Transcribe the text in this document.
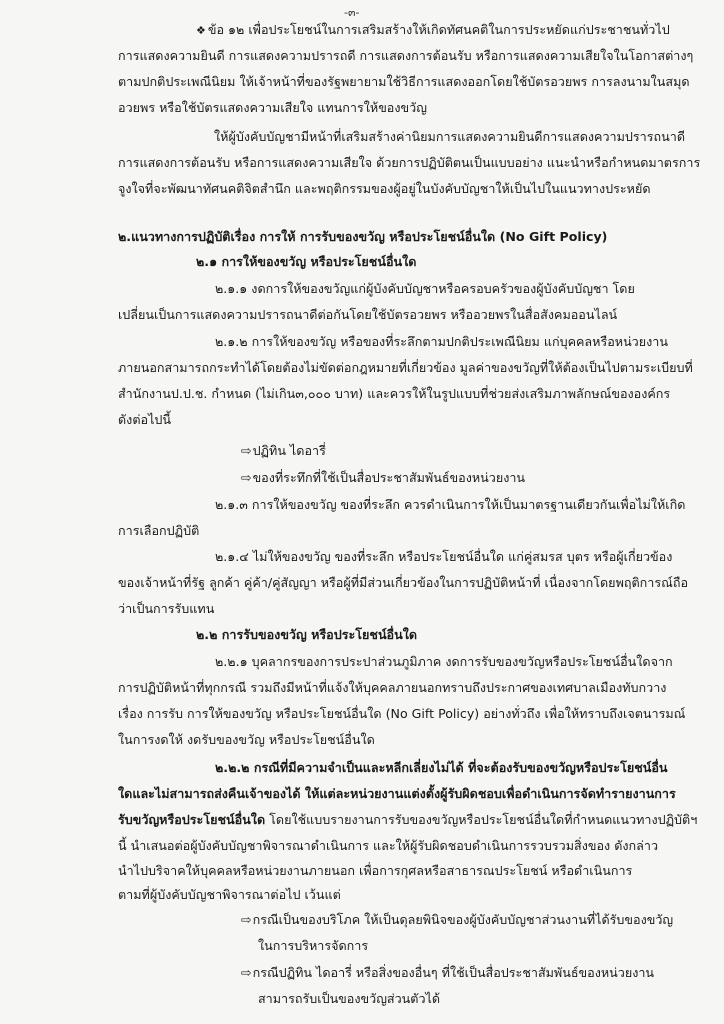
-๓-
❖ ข้อ ๑๒ เพื่อประโยชน์ในการเสริมสร้างให้เกิดทัศนคติในการประหยัดแก่ประชาชนทั่วไป
การแสดงความยินดี การแสดงความปรารถดี การแสดงการต้อนรับ หรือการแสดงความเสียใจในโอกาสต่างๆ
ตามปกติประเพณีนิยม ให้เจ้าหน้าที่ของรัฐพยายามใช้วิธีการแสดงออกโดยใช้บัตรอวยพร การลงนามในสมุด
อวยพร หรือใช้บัตรแสดงความเสียใจ แทนการให้ของขวัญ
ให้ผู้บังคับบัญชามีหน้าที่เสริมสร้างค่านิยมการแสดงความยินดีการแสดงความปรารถนาดี
การแสดงการต้อนรับ หรือการแสดงความเสียใจ ด้วยการปฏิบัติตนเป็นแบบอย่าง แนะนำหรือกำหนดมาตรการ
จูงใจที่จะพัฒนาทัศนคติจิตสำนึก และพฤติกรรมของผู้อยู่ในบังคับบัญชาให้เป็นไปในแนวทางประหยัด
๒.แนวทางการปฏิบัติเรื่อง การให้ การรับของขวัญ หรือประโยชน์อื่นใด (No Gift Policy)
๒.๑ การให้ของขวัญ หรือประโยชน์อื่นใด
๒.๑.๑ งดการให้ของขวัญแก่ผู้บังคับบัญชาหรือครอบครัวของผู้บังคับบัญชา โดย
เปลี่ยนเป็นการแสดงความปรารถนาดีต่อกันโดยใช้บัตรอวยพร หรืออวยพรในสื่อสังคมออนไลน์
๒.๑.๒ การให้ของขวัญ หรือของที่ระลึกตามปกติประเพณีนิยม แก่บุคคลหรือหน่วยงาน
ภายนอกสามารถกระทำได้โดยต้องไม่ขัดต่อกฎหมายที่เกี่ยวข้อง มูลค่าของขวัญที่ให้ต้องเป็นไปตามระเบียบที่
สำนักงานป.ป.ช. กำหนด (ไม่เกิน๓,๐๐๐ บาท) และควรให้ในรูปแบบที่ช่วยส่งเสริมภาพลักษณ์ขององค์กร
ดังต่อไปนี้
⇨ปฏิทิน ไดอารี่
⇨ของที่ระทึกที่ใช้เป็นสื่อประชาสัมพันธ์ของหน่วยงาน
๒.๑.๓ การให้ของขวัญ ของที่ระลึก ควรดำเนินการให้เป็นมาตรฐานเดียวกันเพื่อไม่ให้เกิด
การเลือกปฏิบัติ
๒.๑.๔ ไม่ให้ของขวัญ ของที่ระลึก หรือประโยชน์อื่นใด แก่คู่สมรส บุตร หรือผู้เกี่ยวข้อง
ของเจ้าหน้าที่รัฐ ลูกค้า คู่ค้า/คู่สัญญา หรือผู้ที่มีส่วนเกี่ยวข้องในการปฏิบัติหน้าที่ เนื่องจากโดยพฤติการณ์ถือ
ว่าเป็นการรับแทน
๒.๒ การรับของขวัญ หรือประโยชน์อื่นใด
๒.๒.๑ บุคลากรของการประปาส่วนภูมิภาค งดการรับของขวัญหรือประโยชน์อื่นใดจาก
การปฏิบัติหน้าที่ทุกกรณี รวมถึงมีหน้าที่แจ้งให้บุคคลภายนอกทราบถึงประกาศของเทศบาลเมืองทับกวาง
เรื่อง การรับ การให้ของขวัญ หรือประโยชน์อื่นใด (No Gift Policy) อย่างทั่วถึง เพื่อให้ทราบถึงเจตนารมณ์
ในการงดให้ งดรับของขวัญ หรือประโยชน์อื่นใด
๒.๒.๒ กรณีที่มีความจำเป็นและหลีกเลี่ยงไม่ได้ ที่จะต้องรับของขวัญหรือประโยชน์อื่น
ใดและไม่สามารถส่งคืนเจ้าของได้ ให้แต่ละหน่วยงานแต่งตั้งผู้รับผิดชอบเพื่อดำเนินการจัดทำรายงานการ
รับขวัญหรือประโยชน์อื่นใด โดยใช้แบบรายงานการรับของขวัญหรือประโยชน์อื่นใดที่กำหนดแนวทางปฏิบัติฯ
นี้ นำเสนอต่อผู้บังคับบัญชาพิจารณาดำเนินการ และให้ผู้รับผิดชอบดำเนินการรวบรวมสิ่งของ ดังกล่าว
นำไปบริจาคให้บุคคลหรือหน่วยงานภายนอก เพื่อการกุศลหรือสาธารณประโยชน์ หรือดำเนินการ
ตามที่ผู้บังคับบัญชาพิจารณาต่อไป เว้นแต่
⇨กรณีเป็นของบริโภค ให้เป็นดุลยพินิจของผู้บังคับบัญชาส่วนงานที่ได้รับของขวัญ
ในการบริหารจัดการ
⇨กรณีปฏิทิน ไดอารี่ หรือสิ่งของอื่นๆ ที่ใช้เป็นสื่อประชาสัมพันธ์ของหน่วยงาน
สามารถรับเป็นของขวัญส่วนตัวได้
